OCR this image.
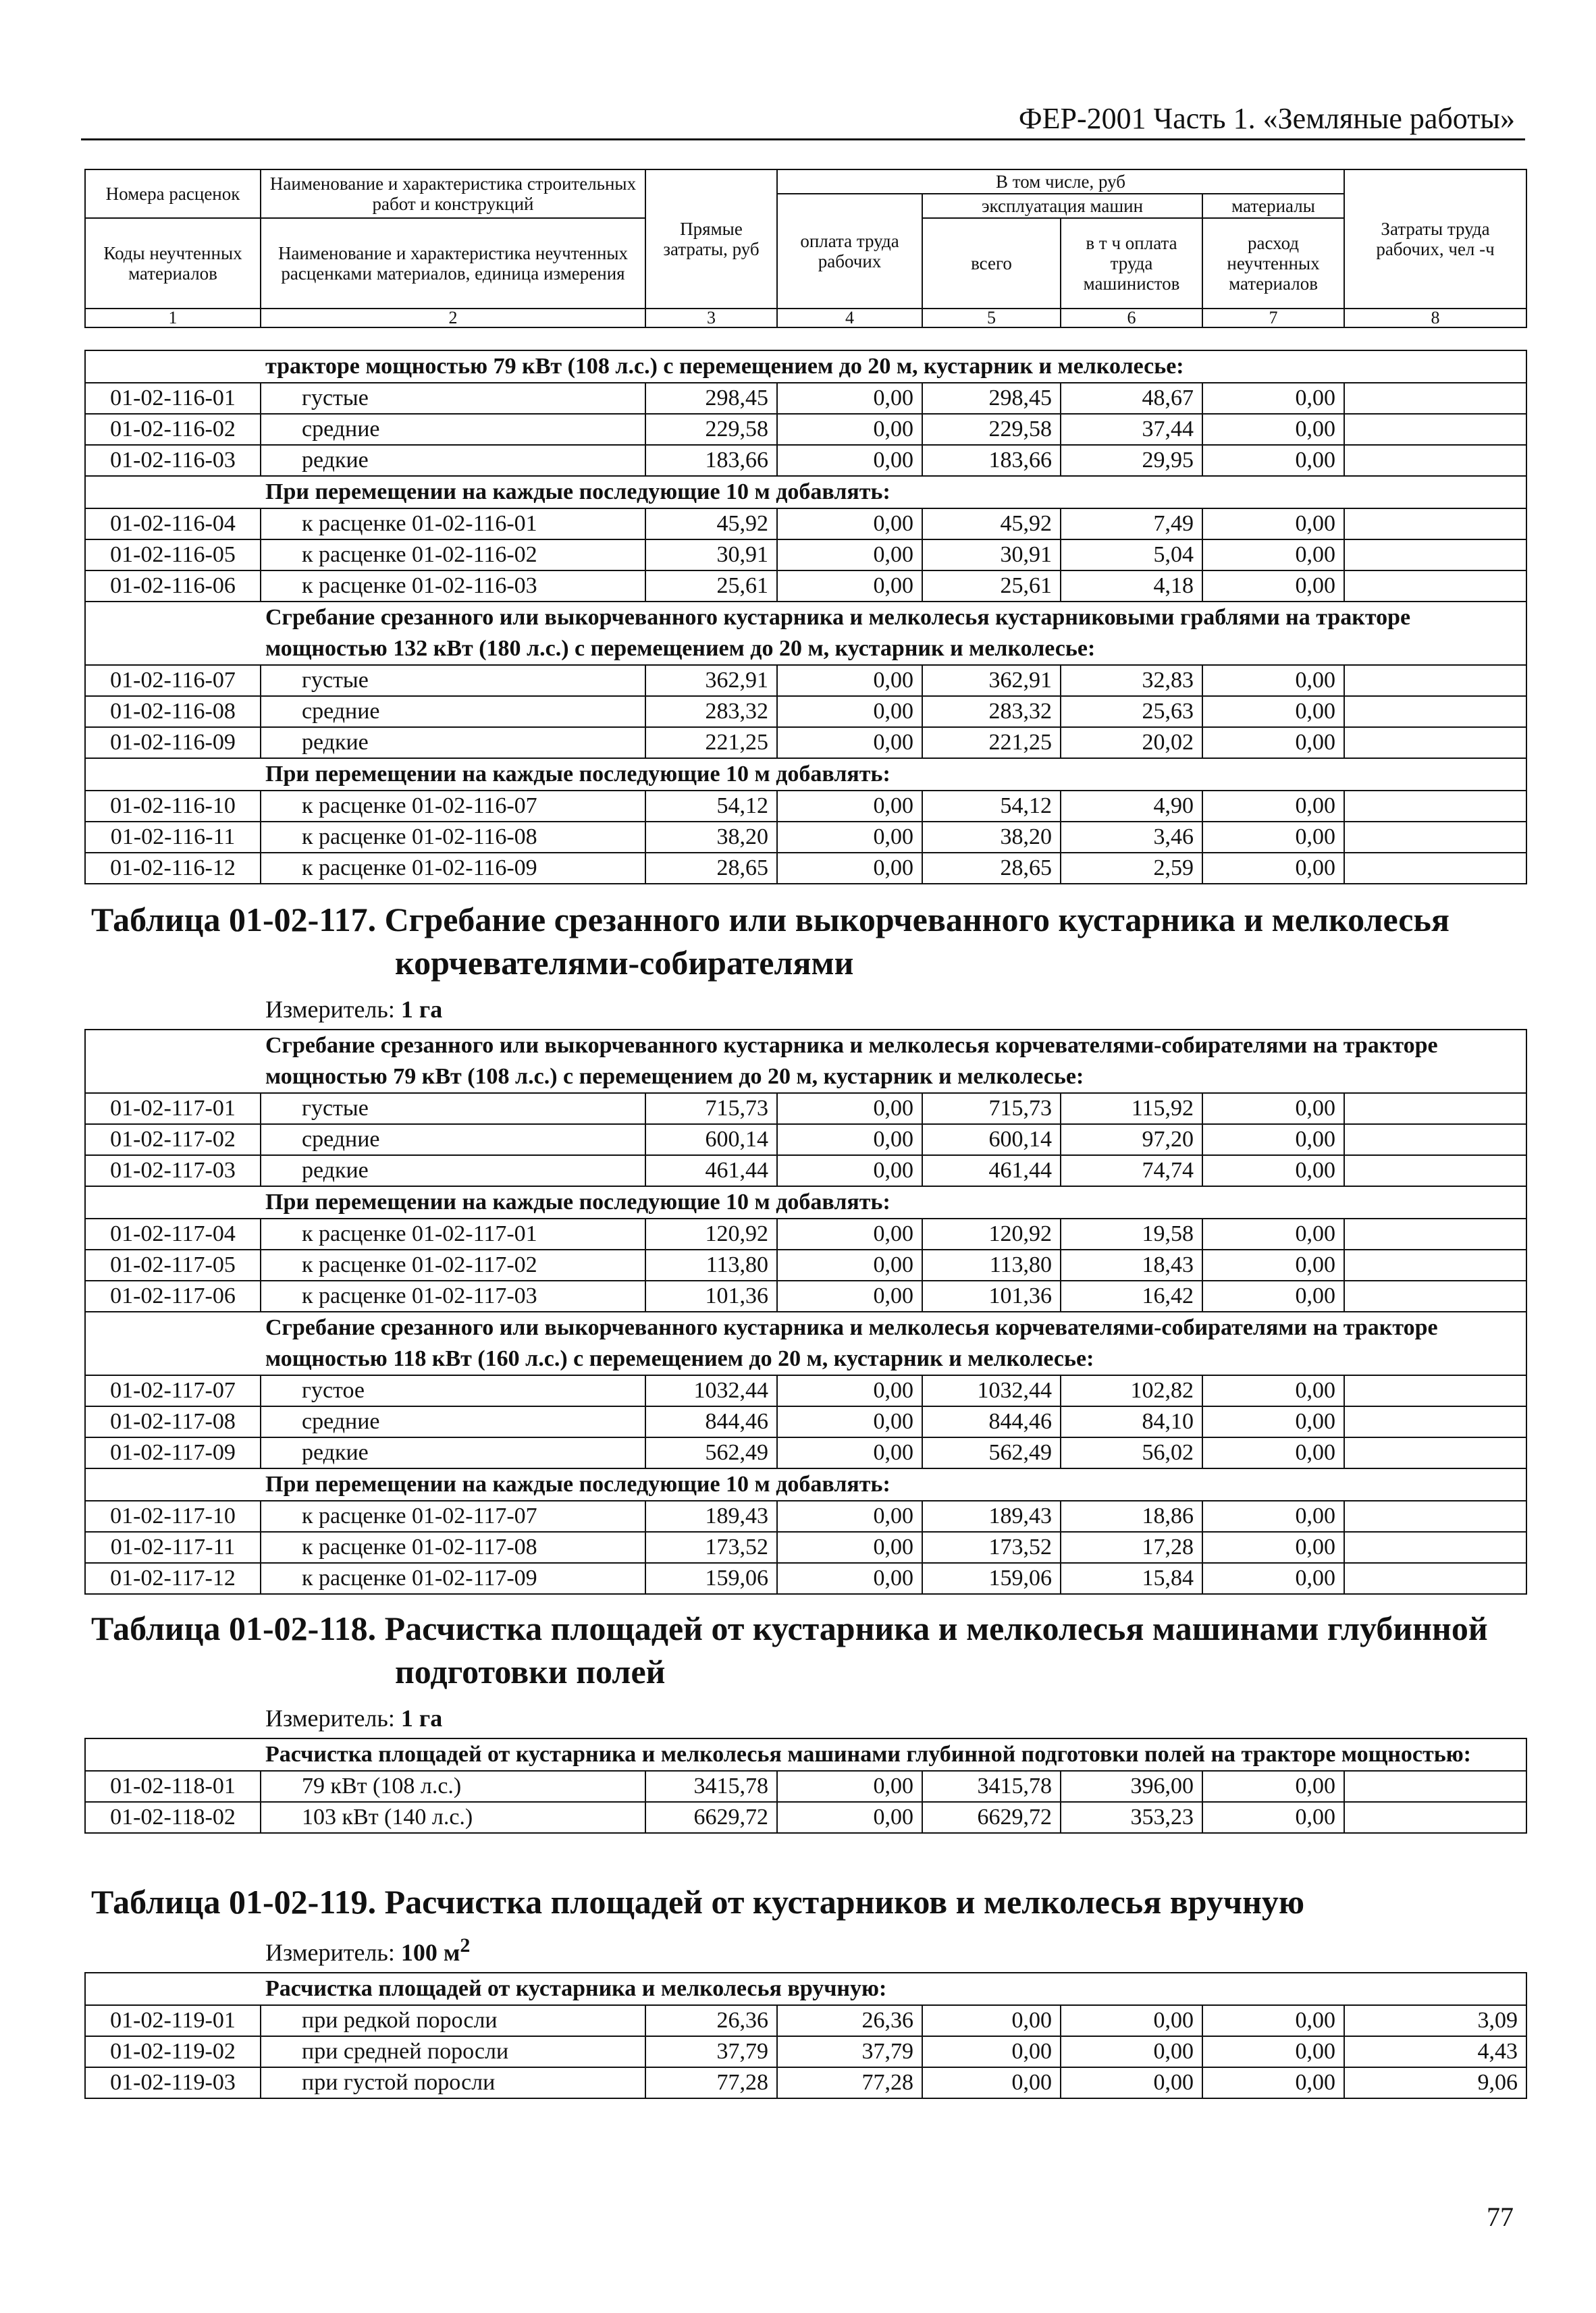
ФЕР-2001 Часть 1. «Земляные работы»
Номера расценок	Наименование и характеристика строительных работ и конструкций	Прямые затраты, руб	В том числе, руб				Затраты труда рабочих, чел -ч
			оплата труда рабочих	эксплуатация машин		материалы	
Коды неучтенных материалов	Наименование и характеристика неучтенных расценками материалов, единица измерения			всего	в т ч оплата труда машинистов	расход неучтенных материалов	

1	2	3	4	5	6	7	8
тракторе мощностью 79 кВт (108 л.с.) с перемещением до 20 м, кустарник и мелколесье:							
01-02-116-01	густые	298,45	0,00	298,45	48,67	0,00	
01-02-116-02	средние	229,58	0,00	229,58	37,44	0,00	
01-02-116-03	редкие	183,66	0,00	183,66	29,95	0,00	
При перемещении на каждые последующие 10 м добавлять:							
01-02-116-04	к расценке 01-02-116-01	45,92	0,00	45,92	7,49	0,00	
01-02-116-05	к расценке 01-02-116-02	30,91	0,00	30,91	5,04	0,00	
01-02-116-06	к расценке 01-02-116-03	25,61	0,00	25,61	4,18	0,00	
Сгребание срезанного или выкорчеванного кустарника и мелколесья кустарниковыми граблями на тракторе мощностью 132 кВт (180 л.с.) с перемещением до 20 м, кустарник и мелколесье:							
01-02-116-07	густые	362,91	0,00	362,91	32,83	0,00	
01-02-116-08	средние	283,32	0,00	283,32	25,63	0,00	
01-02-116-09	редкие	221,25	0,00	221,25	20,02	0,00	
При перемещении на каждые последующие 10 м добавлять:							
01-02-116-10	к расценке 01-02-116-07	54,12	0,00	54,12	4,90	0,00	
01-02-116-11	к расценке 01-02-116-08	38,20	0,00	38,20	3,46	0,00	
01-02-116-12	к расценке 01-02-116-09	28,65	0,00	28,65	2,59	0,00	
Таблица 01-02-117. Сгребание срезанного или выкорчеванного кустарника и мелколесья
корчевателями-собирателями
Измеритель: 1 га
Сгребание срезанного или выкорчеванного кустарника и мелколесья корчевателями-собирателями на тракторе мощностью 79 кВт (108 л.с.) с перемещением до 20 м, кустарник и мелколесье:							
01-02-117-01	густые	715,73	0,00	715,73	115,92	0,00	
01-02-117-02	средние	600,14	0,00	600,14	97,20	0,00	
01-02-117-03	редкие	461,44	0,00	461,44	74,74	0,00	
При перемещении на каждые последующие 10 м добавлять:							
01-02-117-04	к расценке 01-02-117-01	120,92	0,00	120,92	19,58	0,00	
01-02-117-05	к расценке 01-02-117-02	113,80	0,00	113,80	18,43	0,00	
01-02-117-06	к расценке 01-02-117-03	101,36	0,00	101,36	16,42	0,00	
Сгребание срезанного или выкорчеванного кустарника и мелколесья корчевателями-собирателями на тракторе мощностью 118 кВт (160 л.с.) с перемещением до 20 м, кустарник и мелколесье:							
01-02-117-07	густое	1032,44	0,00	1032,44	102,82	0,00	
01-02-117-08	средние	844,46	0,00	844,46	84,10	0,00	
01-02-117-09	редкие	562,49	0,00	562,49	56,02	0,00	
При перемещении на каждые последующие 10 м добавлять:							
01-02-117-10	к расценке 01-02-117-07	189,43	0,00	189,43	18,86	0,00	
01-02-117-11	к расценке 01-02-117-08	173,52	0,00	173,52	17,28	0,00	
01-02-117-12	к расценке 01-02-117-09	159,06	0,00	159,06	15,84	0,00	
Таблица 01-02-118. Расчистка площадей от кустарника и мелколесья машинами глубинной
подготовки полей
Измеритель: 1 га
Расчистка площадей от кустарника и мелколесья машинами глубинной подготовки полей на тракторе мощностью:							
01-02-118-01	79 кВт (108 л.с.)	3415,78	0,00	3415,78	396,00	0,00	
01-02-118-02	103 кВт (140 л.с.)	6629,72	0,00	6629,72	353,23	0,00	
Таблица 01-02-119. Расчистка площадей от кустарников и мелколесья вручную
Измеритель: 100 $м^2$
Расчистка площадей от кустарника и мелколесья вручную:							
01-02-119-01	при редкой поросли	26,36	26,36	0,00	0,00	0,00	3,09
01-02-119-02	при средней поросли	37,79	37,79	0,00	0,00	0,00	4,43
01-02-119-03	при густой поросли	77,28	77,28	0,00	0,00	0,00	9,06
77
